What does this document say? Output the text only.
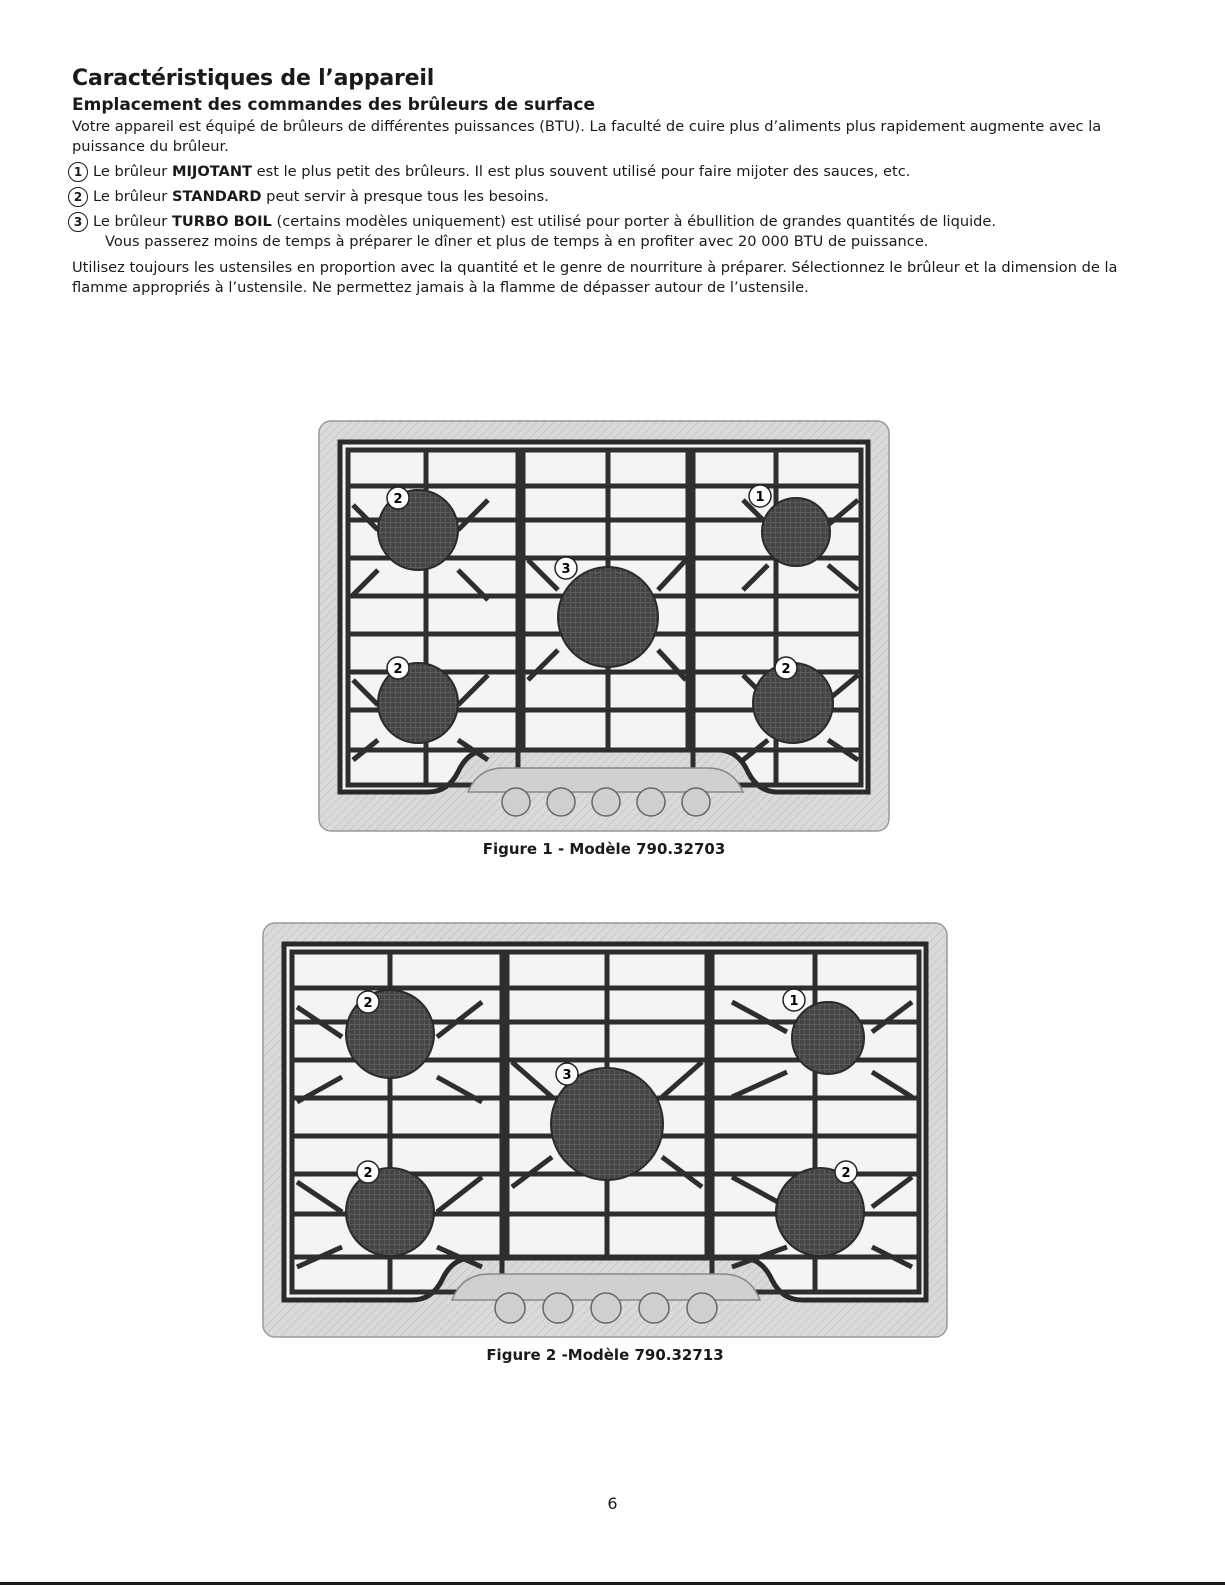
Caractéristiques de l’appareil
Emplacement des commandes des brûleurs de surface

Votre appareil est équipé de brûleurs de différentes puissances (BTU). La faculté de cuire plus d’aliments plus rapidement augmente avec la puissance du brûleur.

1 Le brûleur MIJOTANT est le plus petit des brûleurs. Il est plus souvent utilisé pour faire mijoter des sauces, etc.
2 Le brûleur STANDARD peut servir à presque tous les besoins.
3 Le brûleur TURBO BOIL (certains modèles uniquement) est utilisé pour porter à ébullition de grandes quantités de liquide.

Vous passerez moins de temps à préparer le dîner et plus de temps à en profiter avec 20 000 BTU de puissance.

Utilisez toujours les ustensiles en proportion avec la quantité et le genre de nourriture à préparer. Sélectionnez le brûleur et la dimension de la flamme appropriés à l’ustensile. Ne permettez jamais à la flamme de dépasser autour de l’ustensile.

2	1
3
2	2
Figure 1 - Modèle 790.32703
2	1
3
2	2
Figure 2 -Modèle 790.32713
6
